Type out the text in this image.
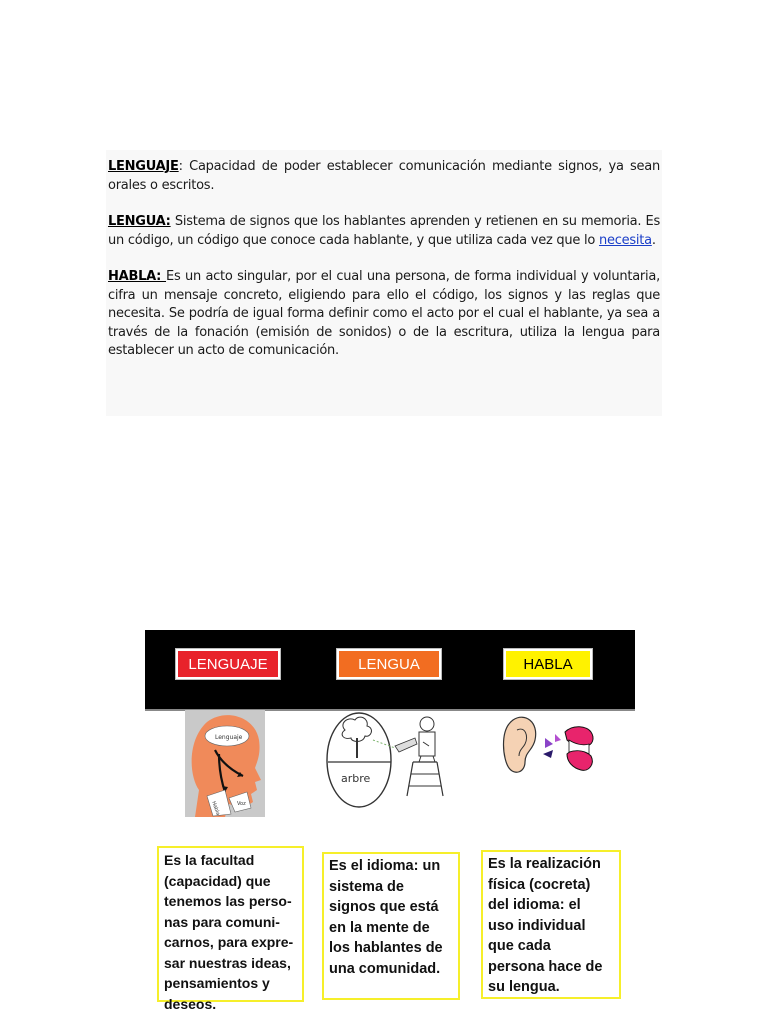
LENGUAJE: Capacidad de poder establecer comunicación mediante signos, ya sean orales o escritos.

LENGUA: Sistema de signos que los hablantes aprenden y retienen en su memoria. Es un código, un código que conoce cada hablante, y que utiliza cada vez que lo necesita.

HABLA: Es un acto singular, por el cual una persona, de forma individual y voluntaria, cifra un mensaje concreto, eligiendo para ello el código, los signos y las reglas que necesita. Se podría de igual forma definir como el acto por el cual el hablante, ya sea a través de la fonación (emisión de sonidos) o de la escritura, utiliza la lengua para establecer un acto de comunicación.

LENGUAJE	LENGUA	HABLA
Lenguaje
Habla	Voz
arbre
Es la facultad
(capacidad) que
tenemos las perso-
nas para comuni-
carnos, para expre-
sar nuestras ideas,
pensamientos y
deseos.
Es el idioma: un
sistema de
signos que está
en la mente de
los hablantes de
una comunidad.
Es la realización
física (cocreta)
del idioma: el
uso individual
que cada
persona hace de
su lengua.
